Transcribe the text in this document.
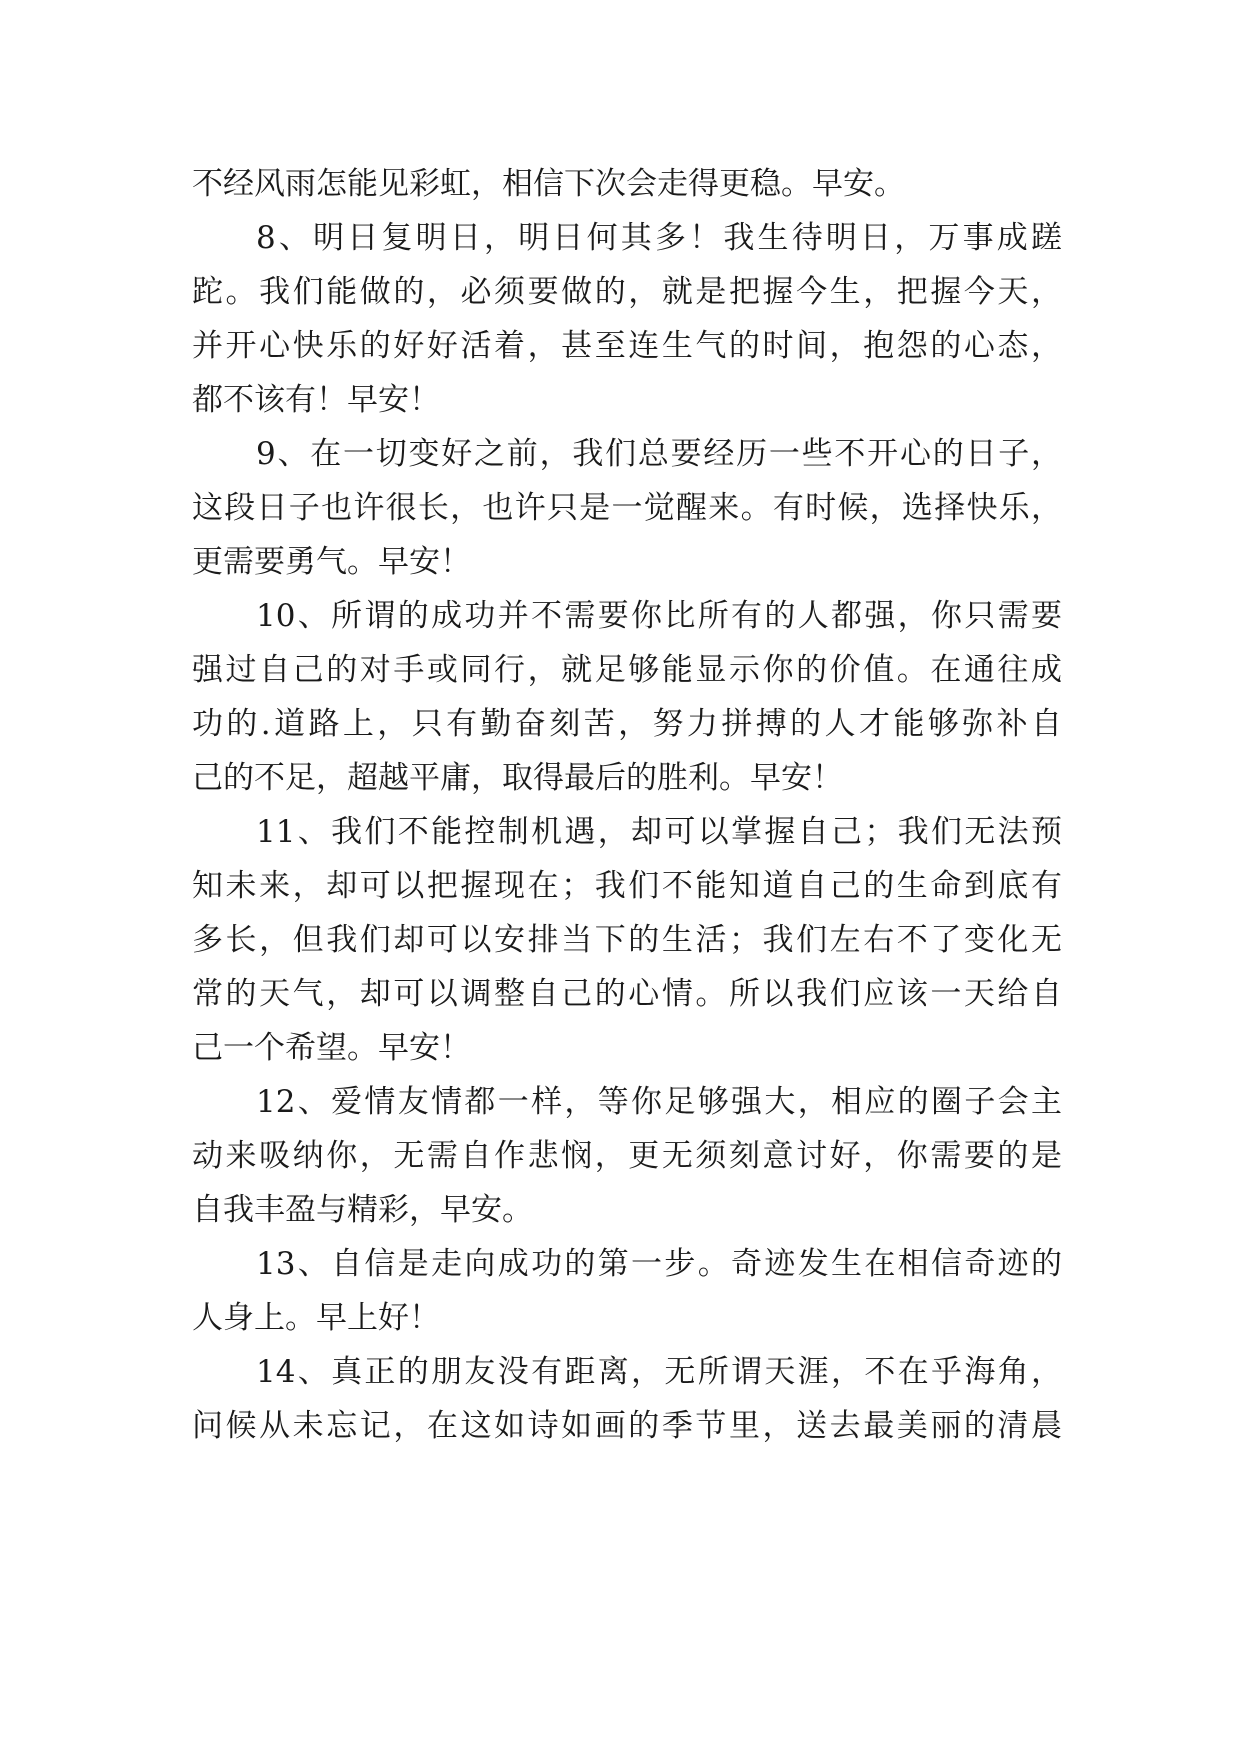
不经风雨怎能见彩虹，相信下次会走得更稳。早安。

8、明日复明日，明日何其多！我生待明日，万事成蹉

跎。我们能做的，必须要做的，就是把握今生，把握今天，

并开心快乐的好好活着，甚至连生气的时间，抱怨的心态，

都不该有！早安！

9、在一切变好之前，我们总要经历一些不开心的日子，

这段日子也许很长，也许只是一觉醒来。有时候，选择快乐，

更需要勇气。早安！

10、所谓的成功并不需要你比所有的人都强，你只需要

强过自己的对手或同行，就足够能显示你的价值。在通往成

功的.道路上，只有勤奋刻苦，努力拼搏的人才能够弥补自

己的不足，超越平庸，取得最后的胜利。早安！

11、我们不能控制机遇，却可以掌握自己；我们无法预

知未来，却可以把握现在；我们不能知道自己的生命到底有

多长，但我们却可以安排当下的生活；我们左右不了变化无

常的天气，却可以调整自己的心情。所以我们应该一天给自

己一个希望。早安！

12、爱情友情都一样，等你足够强大，相应的圈子会主

动来吸纳你，无需自作悲悯，更无须刻意讨好，你需要的是

自我丰盈与精彩，早安。

13、自信是走向成功的第一步。奇迹发生在相信奇迹的

人身上。早上好！

14、真正的朋友没有距离，无所谓天涯，不在乎海角，

问候从未忘记，在这如诗如画的季节里，送去最美丽的清晨
